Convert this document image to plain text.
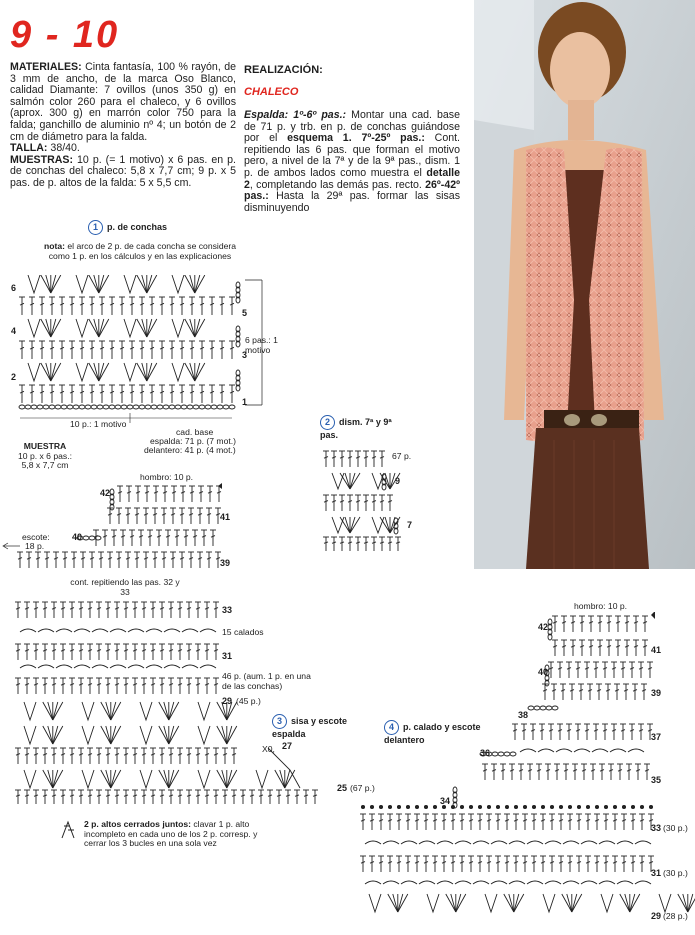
9 - 10
MATERIALES: Cinta fantasía, 100 % rayón, de 3 mm de ancho, de la marca Oso Blanco, calidad Diamante: 7 ovillos (unos 350 g) en salmón color 260 para el chaleco, y 6 ovillos (aprox. 300 g) en marrón color 750 para la falda; ganchillo de aluminio nº 4; un botón de 2 cm de diámetro para la falda.
TALLA: 38/40.
MUESTRAS: 10 p. (= 1 motivo) x 6 pas. en p. de conchas del chaleco: 5,8 x 7,7 cm; 9 p. x 5 pas. de p. altos de la falda: 5 x 5,5 cm.
REALIZACIÓN:
CHALECO
Espalda: 1º-6º pas.: Montar una cad. base de 71 p. y trb. en p. de conchas guiándose por el esquema 1. 7º-25º pas.: Cont. repitiendo las 6 pas. que forman el motivo pero, a nivel de la 7ª y de la 9ª pas., dism. 1 p. de ambos lados como muestra el detalle 2, completando las demás pas. recto. 26º-42º pas.: Hasta la 29ª pas. formar las sisas disminuyendo
1 p. de conchas
nota: el arco de 2 p. de cada concha se considera como 1 p. en los cálculos y en las explicaciones
6
4
2
5
3
1
6 pas.: 1 motivo
10 p.: 1 motivo
cad. base
espalda: 71 p. (7 mot.)
delantero: 41 p. (4 mot.)
MUESTRA
10 p. x 6 pas.:
5,8 x 7,7 cm
2 dism. 7ª y 9ª pas.
67 p.
9
7
hombro: 10 p.
escote:
18 p.
42
41
40
39
cont. repitiendo las pas. 32 y 33
33
15 calados
31
46 p. (aum. 1 p. en una de las conchas)
29 (45 p.)
25 (67 p.)
3 sisa y escote espalda
X0, 27
4 p. calado y escote delantero
hombro: 10 p.
42
41
40
39
38
37
36
35
34
33 (30 p.)
31 (30 p.)
29 (28 p.)
2 p. altos cerrados juntos: clavar 1 p. alto incompleto en cada uno de los 2 p. corresp. y cerrar los 3 bucles en una sola vez
